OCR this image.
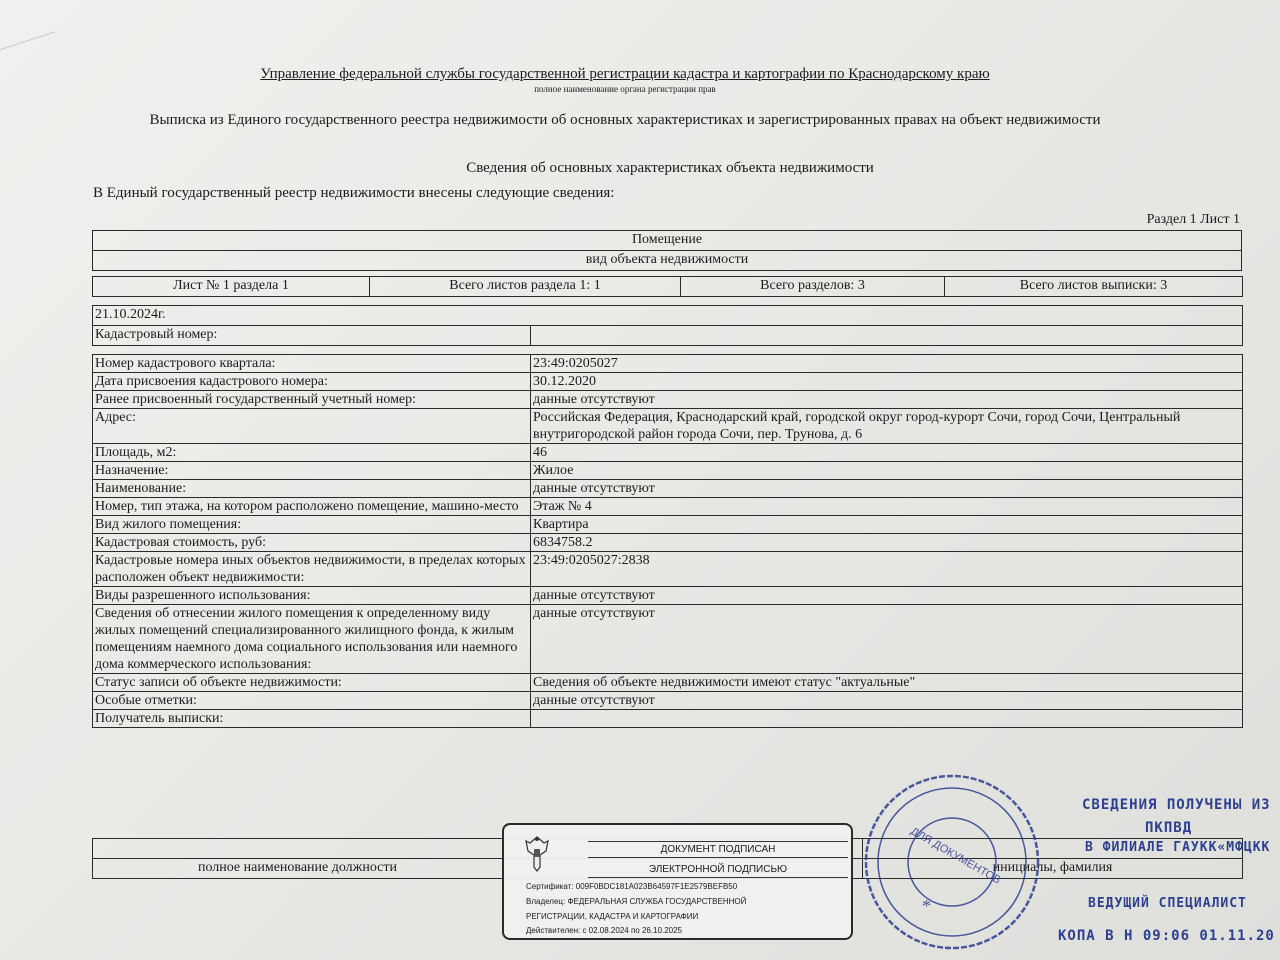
Управление федеральной службы государственной регистрации кадастра и картографии по Краснодарскому краю
полное наименование органа регистрации прав
Выписка из Единого государственного реестра недвижимости об основных характеристиках и зарегистрированных правах на объект недвижимости
Сведения об основных характеристиках объекта недвижимости
В Единый государственный реестр недвижимости внесены следующие сведения:
Раздел 1 Лист 1
Помещение
вид объекта недвижимости
Лист № 1 раздела 1	Всего листов раздела 1: 1	Всего разделов: 3	Всего листов выписки: 3
21.10.2024г.
Кадастровый номер:	
Номер кадастрового квартала:	23:49:0205027
Дата присвоения кадастрового номера:	30.12.2020
Ранее присвоенный государственный учетный номер:	данные отсутствуют
Адрес:	Российская Федерация, Краснодарский край, городской округ город-курорт Сочи, город Сочи, Центральный внутригородской район города Сочи, пер. Трунова, д. 6
Площадь, м2:	46
Назначение:	Жилое
Наименование:	данные отсутствуют
Номер, тип этажа, на котором расположено помещение, машино-место	Этаж № 4
Вид жилого помещения:	Квартира
Кадастровая стоимость, руб:	6834758.2
Кадастровые номера иных объектов недвижимости, в пределах которых расположен объект недвижимости:	23:49:0205027:2838
Виды разрешенного использования:	данные отсутствуют
Сведения об отнесении жилого помещения к определенному виду жилых помещений специализированного жилищного фонда, к жилым помещениям наемного дома социального использования или наемного дома коммерческого использования:	данные отсутствуют
Статус записи об объекте недвижимости:	Сведения об объекте недвижимости имеют статус "актуальные"
Особые отметки:	данные отсутствуют
Получатель выписки:	

полное наименование должности		инициалы, фамилия
ДОКУМЕНТ ПОДПИСАН
ЭЛЕКТРОННОЙ ПОДПИСЬЮ
Сертификат: 009F0BDC181A023B64597F1E2579BEFB50
Владелец: ФЕДЕРАЛЬНАЯ СЛУЖБА ГОСУДАРСТВЕННОЙ
РЕГИСТРАЦИИ, КАДАСТРА И КАРТОГРАФИИ
Действителен: с 02.08.2024 по 26.10.2025
ДЛЯ ДОКУМЕНТОВ
*
СВЕДЕНИЯ ПОЛУЧЕНЫ ИЗ
ПКПВД
В ФИЛИАЛЕ ГАУКК«МФЦКК
ВЕДУЩИЙ СПЕЦИАЛИСТ
КОПА В Н 09:06 01.11.20
